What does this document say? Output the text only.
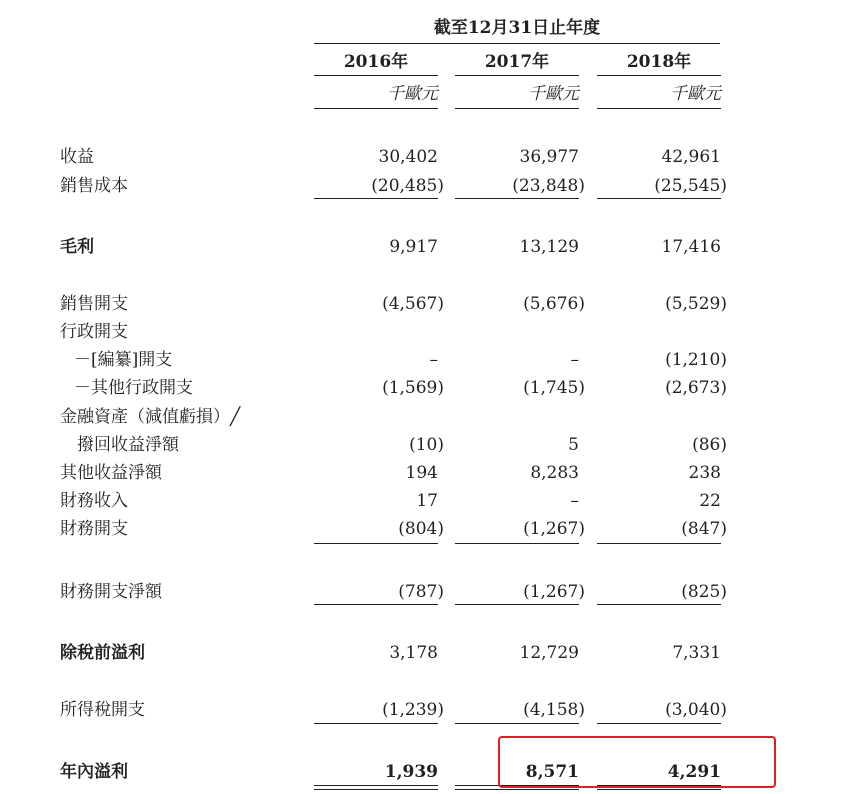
截至12月31日止年度
2016年	2017年	2018年
千歐元	千歐元	千歐元
收益	30,402	36,977	42,961
銷售成本	(20,485)	(23,848)	(25,545)
毛利	9,917	13,129	17,416
銷售開支	(4,567)	(5,676)	(5,529)
行政開支
－[編纂]開支	–	–	(1,210)
－其他行政開支	(1,569)	(1,745)	(2,673)
金融資產（減值虧損）╱
撥回收益淨額	(10)	5	(86)
其他收益淨額	194	8,283	238
財務收入	17	–	22
財務開支	(804)	(1,267)	(847)
財務開支淨額	(787)	(1,267)	(825)
除稅前溢利	3,178	12,729	7,331
所得稅開支	(1,239)	(4,158)	(3,040)
年內溢利	1,939	8,571	4,291
